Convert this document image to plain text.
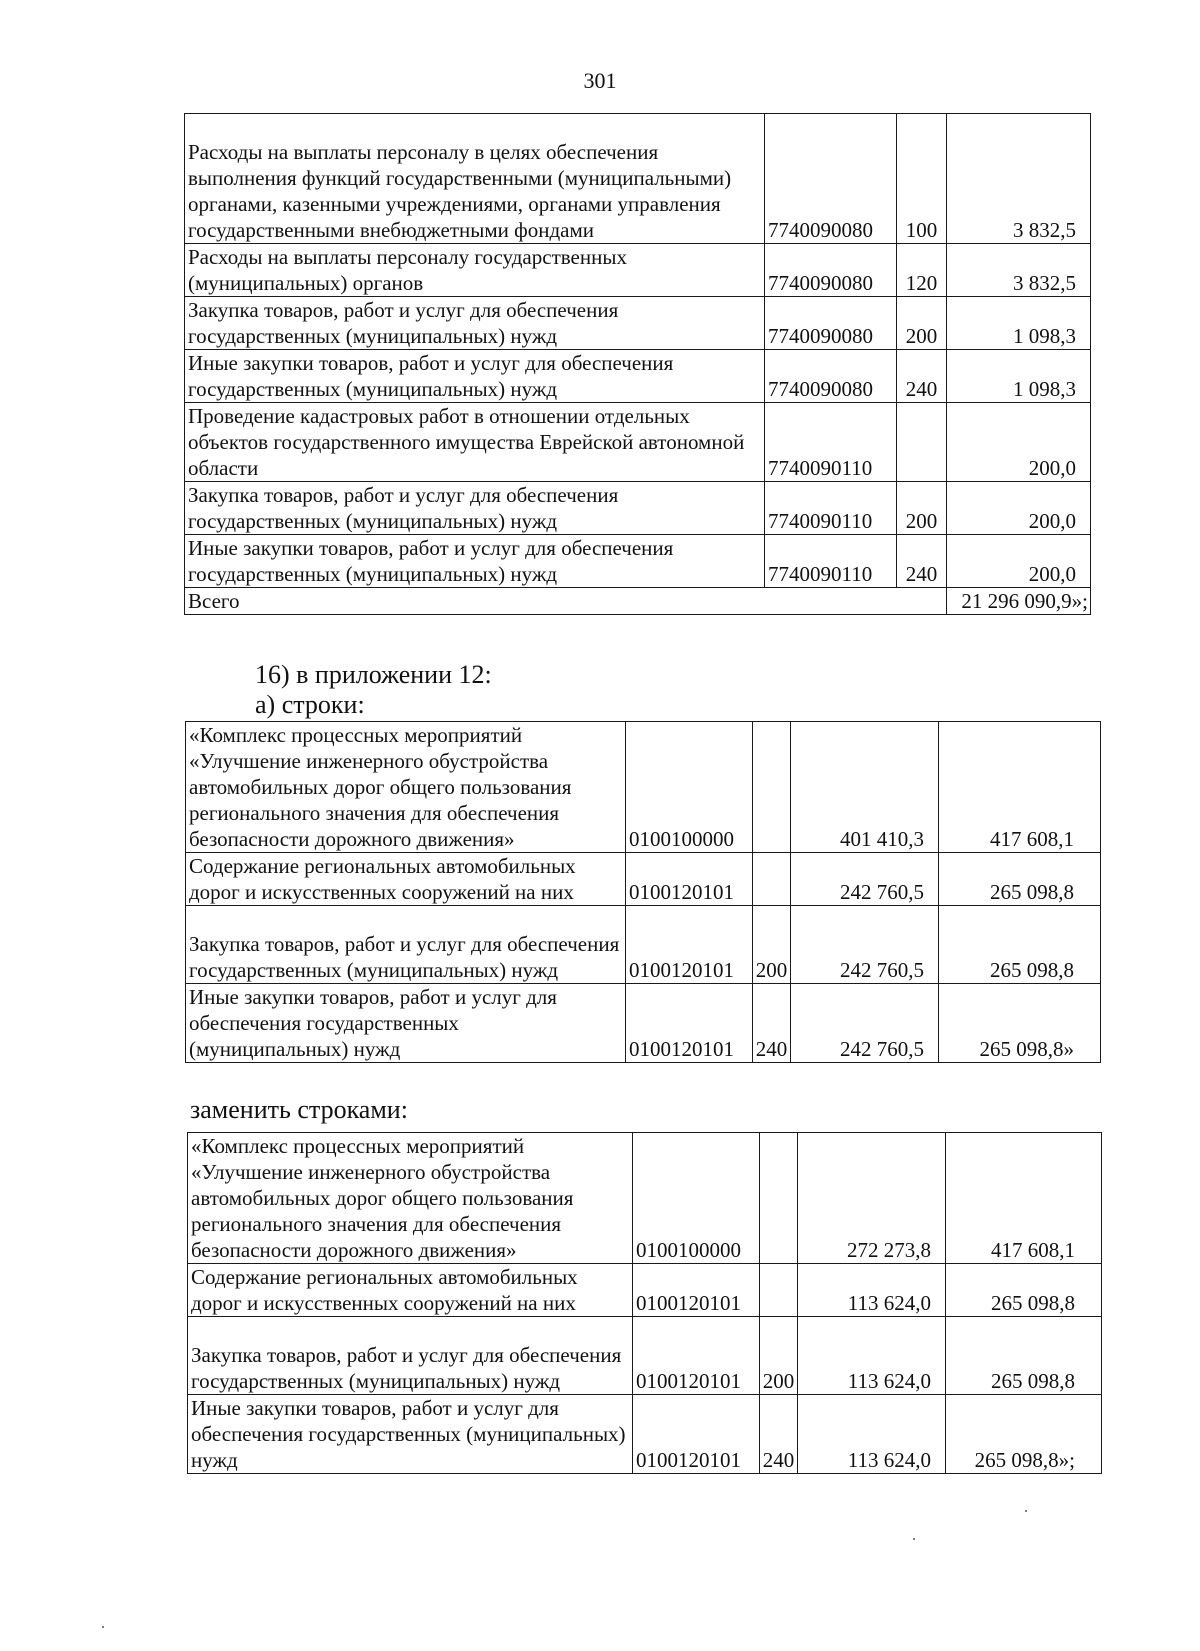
301
Расходы на выплаты персоналу в целях обеспечения выполнения функций государственными (муниципальными) органами, казенными учреждениями, органами управления государственными внебюджетными фондами	7740090080	100	3 832,5
Расходы на выплаты персоналу государственных (муниципальных) органов	7740090080	120	3 832,5
Закупка товаров, работ и услуг для обеспечения государственных (муниципальных) нужд	7740090080	200	1 098,3
Иные закупки товаров, работ и услуг для обеспечения государственных (муниципальных) нужд	7740090080	240	1 098,3
Проведение кадастровых работ в отношении отдельных объектов государственного имущества Еврейской автономной области	7740090110		200,0
Закупка товаров, работ и услуг для обеспечения государственных (муниципальных) нужд	7740090110	200	200,0
Иные закупки товаров, работ и услуг для обеспечения государственных (муниципальных) нужд	7740090110	240	200,0
Всего			21 296 090,9»;
16) в приложении 12:
а) строки:
«Комплекс процессных мероприятий «Улучшение инженерного обустройства автомобильных дорог общего пользования регионального значения для обеспечения безопасности дорожного движения»	0100100000		401 410,3	417 608,1
Содержание региональных автомобильных дорог и искусственных сооружений на них	0100120101		242 760,5	265 098,8
Закупка товаров, работ и услуг для обеспечения государственных (муниципальных) нужд	0100120101	200	242 760,5	265 098,8
Иные закупки товаров, работ и услуг для обеспечения государственных (муниципальных) нужд	0100120101	240	242 760,5	265 098,8»
заменить строками:
«Комплекс процессных мероприятий «Улучшение инженерного обустройства автомобильных дорог общего пользования регионального значения для обеспечения безопасности дорожного движения»	0100100000		272 273,8	417 608,1
Содержание региональных автомобильных дорог и искусственных сооружений на них	0100120101		113 624,0	265 098,8
Закупка товаров, работ и услуг для обеспечения государственных (муниципальных) нужд	0100120101	200	113 624,0	265 098,8
Иные закупки товаров, работ и услуг для обеспечения государственных (муниципальных) нужд	0100120101	240	113 624,0	265 098,8»;
